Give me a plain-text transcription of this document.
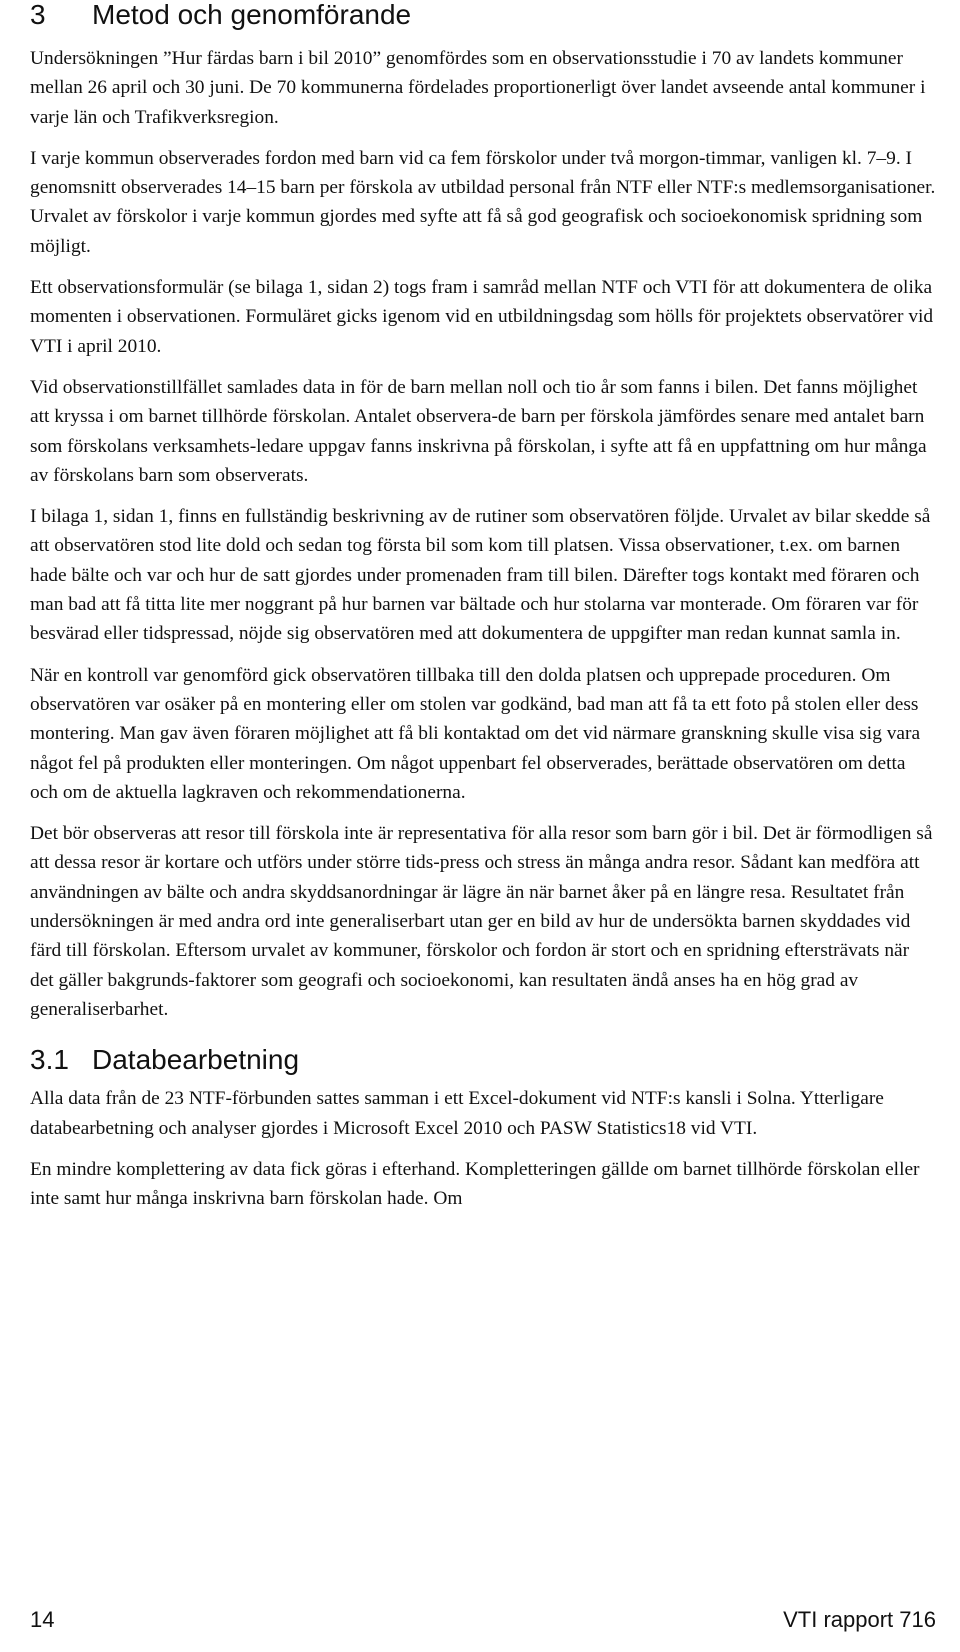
3	Metod och genomförande

Undersökningen ”Hur färdas barn i bil 2010” genomfördes som en observationsstudie i 70 av landets kommuner mellan 26 april och 30 juni. De 70 kommunerna fördelades proportionerligt över landet avseende antal kommuner i varje län och Trafikverksregion.

I varje kommun observerades fordon med barn vid ca fem förskolor under två morgon-timmar, vanligen kl. 7–9. I genomsnitt observerades 14–15 barn per förskola av utbildad personal från NTF eller NTF:s medlemsorganisationer. Urvalet av förskolor i varje kommun gjordes med syfte att få så god geografisk och socioekonomisk spridning som möjligt.

Ett observationsformulär (se bilaga 1, sidan 2) togs fram i samråd mellan NTF och VTI för att dokumentera de olika momenten i observationen. Formuläret gicks igenom vid en utbildningsdag som hölls för projektets observatörer vid VTI i april 2010.

Vid observationstillfället samlades data in för de barn mellan noll och tio år som fanns i bilen. Det fanns möjlighet att kryssa i om barnet tillhörde förskolan. Antalet observera-de barn per förskola jämfördes senare med antalet barn som förskolans verksamhets-ledare uppgav fanns inskrivna på förskolan, i syfte att få en uppfattning om hur många av förskolans barn som observerats.

I bilaga 1, sidan 1, finns en fullständig beskrivning av de rutiner som observatören följde. Urvalet av bilar skedde så att observatören stod lite dold och sedan tog första bil som kom till platsen. Vissa observationer, t.ex. om barnen hade bälte och var och hur de satt gjordes under promenaden fram till bilen. Därefter togs kontakt med föraren och man bad att få titta lite mer noggrant på hur barnen var bältade och hur stolarna var monterade. Om föraren var för besvärad eller tidspressad, nöjde sig observatören med att dokumentera de uppgifter man redan kunnat samla in.

När en kontroll var genomförd gick observatören tillbaka till den dolda platsen och upprepade proceduren. Om observatören var osäker på en montering eller om stolen var godkänd, bad man att få ta ett foto på stolen eller dess montering. Man gav även föraren möjlighet att få bli kontaktad om det vid närmare granskning skulle visa sig vara något fel på produkten eller monteringen. Om något uppenbart fel observerades, berättade observatören om detta och om de aktuella lagkraven och rekommendationerna.

Det bör observeras att resor till förskola inte är representativa för alla resor som barn gör i bil. Det är förmodligen så att dessa resor är kortare och utförs under större tids-press och stress än många andra resor. Sådant kan medföra att användningen av bälte och andra skyddsanordningar är lägre än när barnet åker på en längre resa. Resultatet från undersökningen är med andra ord inte generaliserbart utan ger en bild av hur de undersökta barnen skyddades vid färd till förskolan. Eftersom urvalet av kommuner, förskolor och fordon är stort och en spridning eftersträvats när det gäller bakgrunds-faktorer som geografi och socioekonomi, kan resultaten ändå anses ha en hög grad av generaliserbarhet.

3.1 Databearbetning

Alla data från de 23 NTF-förbunden sattes samman i ett Excel-dokument vid NTF:s kansli i Solna. Ytterligare databearbetning och analyser gjordes i Microsoft Excel 2010 och PASW Statistics18 vid VTI.

En mindre komplettering av data fick göras i efterhand. Kompletteringen gällde om barnet tillhörde förskolan eller inte samt hur många inskrivna barn förskolan hade. Om

14	VTI rapport 716
